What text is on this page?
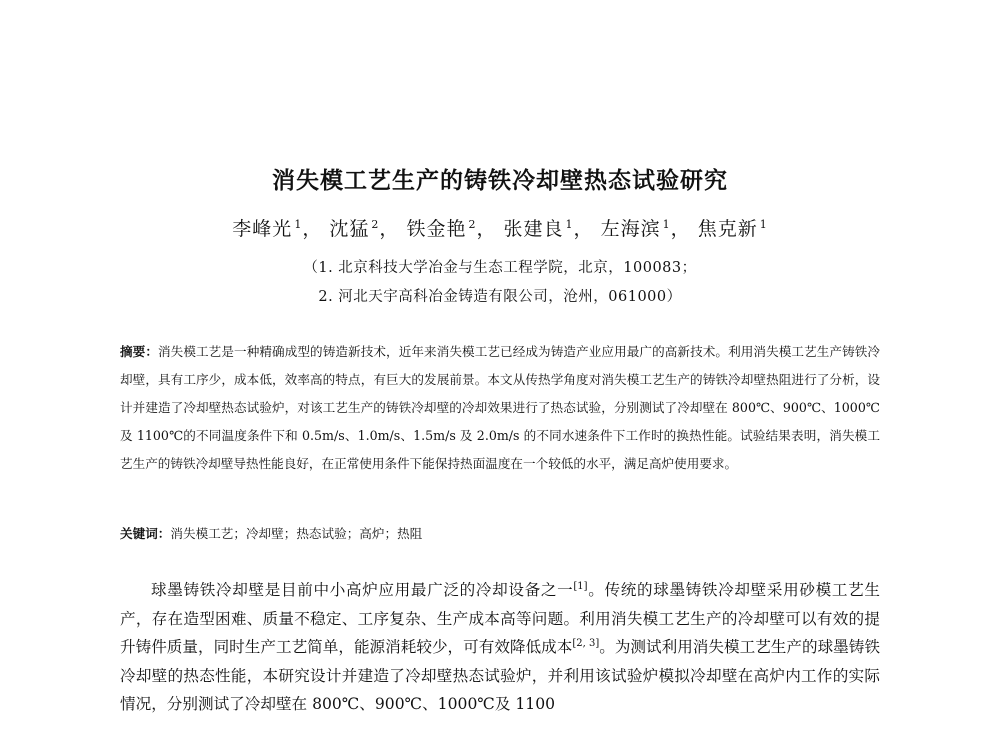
消失模工艺生产的铸铁冷却壁热态试验研究
李峰光 $^1$， 沈猛 $^2$， 铁金艳 $^2$， 张建良 $^1$， 左海滨 $^1$， 焦克新 $^1$
（1. 北京科技大学冶金与生态工程学院，北京，100083；
2. 河北天宇高科冶金铸造有限公司，沧州，061000）

摘要：消失模工艺是一种精确成型的铸造新技术，近年来消失模工艺已经成为铸造产业应用最广的高新技术。利用消失模工艺生产铸铁冷却壁，具有工序少，成本低，效率高的特点，有巨大的发展前景。本文从传热学角度对消失模工艺生产的铸铁冷却壁热阻进行了分析，设计并建造了冷却壁热态试验炉，对该工艺生产的铸铁冷却壁的冷却效果进行了热态试验，分别测试了冷却壁在 800℃、900℃、1000℃及 1100℃的不同温度条件下和 0.5m/s、1.0m/s、1.5m/s 及 2.0m/s 的不同水速条件下工作时的换热性能。试验结果表明，消失模工艺生产的铸铁冷却壁导热性能良好，在正常使用条件下能保持热面温度在一个较低的水平，满足高炉使用要求。

关键词：消失模工艺；冷却壁；热态试验；高炉；热阻

球墨铸铁冷却壁是目前中小高炉应用最广泛的冷却设备之一[1]。传统的球墨铸铁冷却壁采用砂模工艺生产，存在造型困难、质量不稳定、工序复杂、生产成本高等问题。利用消失模工艺生产的冷却壁可以有效的提升铸件质量，同时生产工艺简单，能源消耗较少，可有效降低成本[2, 3]。为测试利用消失模工艺生产的球墨铸铁冷却壁的热态性能，本研究设计并建造了冷却壁热态试验炉，并利用该试验炉模拟冷却壁在高炉内工作的实际情况，分别测试了冷却壁在 800℃、900℃、1000℃及 1100
